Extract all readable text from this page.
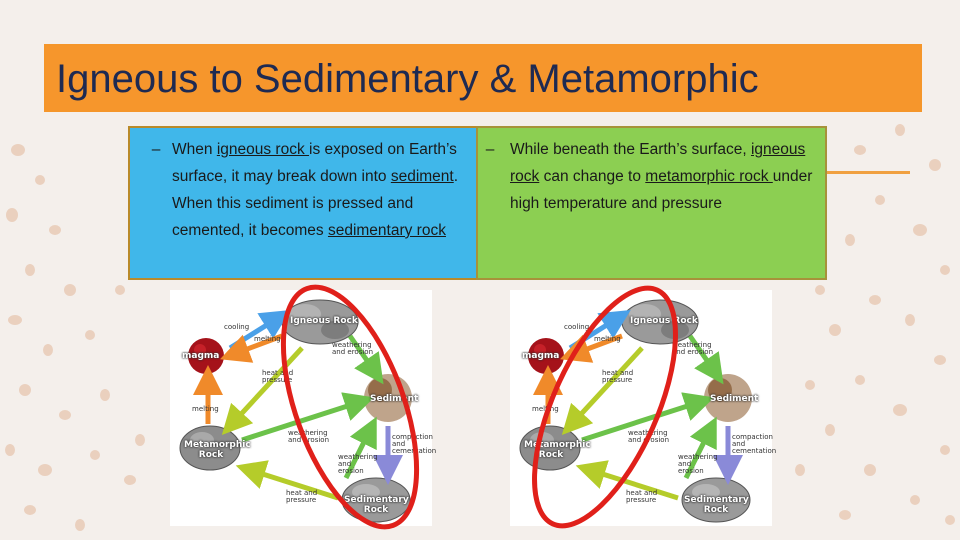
Igneous to Sedimentary & Metamorphic
– When igneous rock is exposed on Earth’s surface, it may break down into sediment. When this sediment is pressed and cemented, it becomes sedimentary rock
–	While beneath the Earth’s surface, igneous rock can change to metamorphic rock under high temperature and pressure
Igneous Rock
magma
Sediment
Metamorphic Rock
Sedimentary Rock
cooling
melting
weathering and erosion
heat and pressure
melting
weathering and erosion	compaction and cementation
weathering and erosion
heat and pressure
Igneous Rock
magma
Sediment
Metamorphic Rock
Sedimentary Rock
cooling
melting
weathering and erosion
heat and pressure
melting
weathering and erosion	compaction and cementation
weathering and erosion
heat and pressure
